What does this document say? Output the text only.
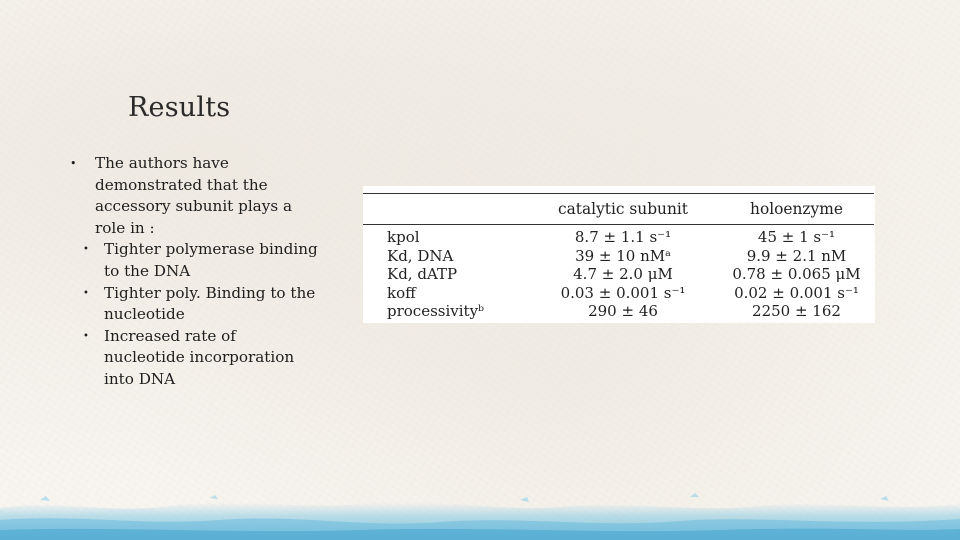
Results
• The authors have demonstrated that the accessory subunit plays a role in :
• Tighter polymerase binding to the DNA
• Tighter poly. Binding to the nucleotide
• Increased rate of nucleotide incorporation into DNA
	catalytic subunit	holoenzyme
kpol	8.7 ± 1.1 s⁻¹	45 ± 1 s⁻¹
Kd, DNA	39 ± 10 nMᵃ	9.9 ± 2.1 nM
Kd, dATP	4.7 ± 2.0 μM	0.78 ± 0.065 μM
koff	0.03 ± 0.001 s⁻¹	0.02 ± 0.001 s⁻¹
processivityᵇ	290 ± 46	2250 ± 162
